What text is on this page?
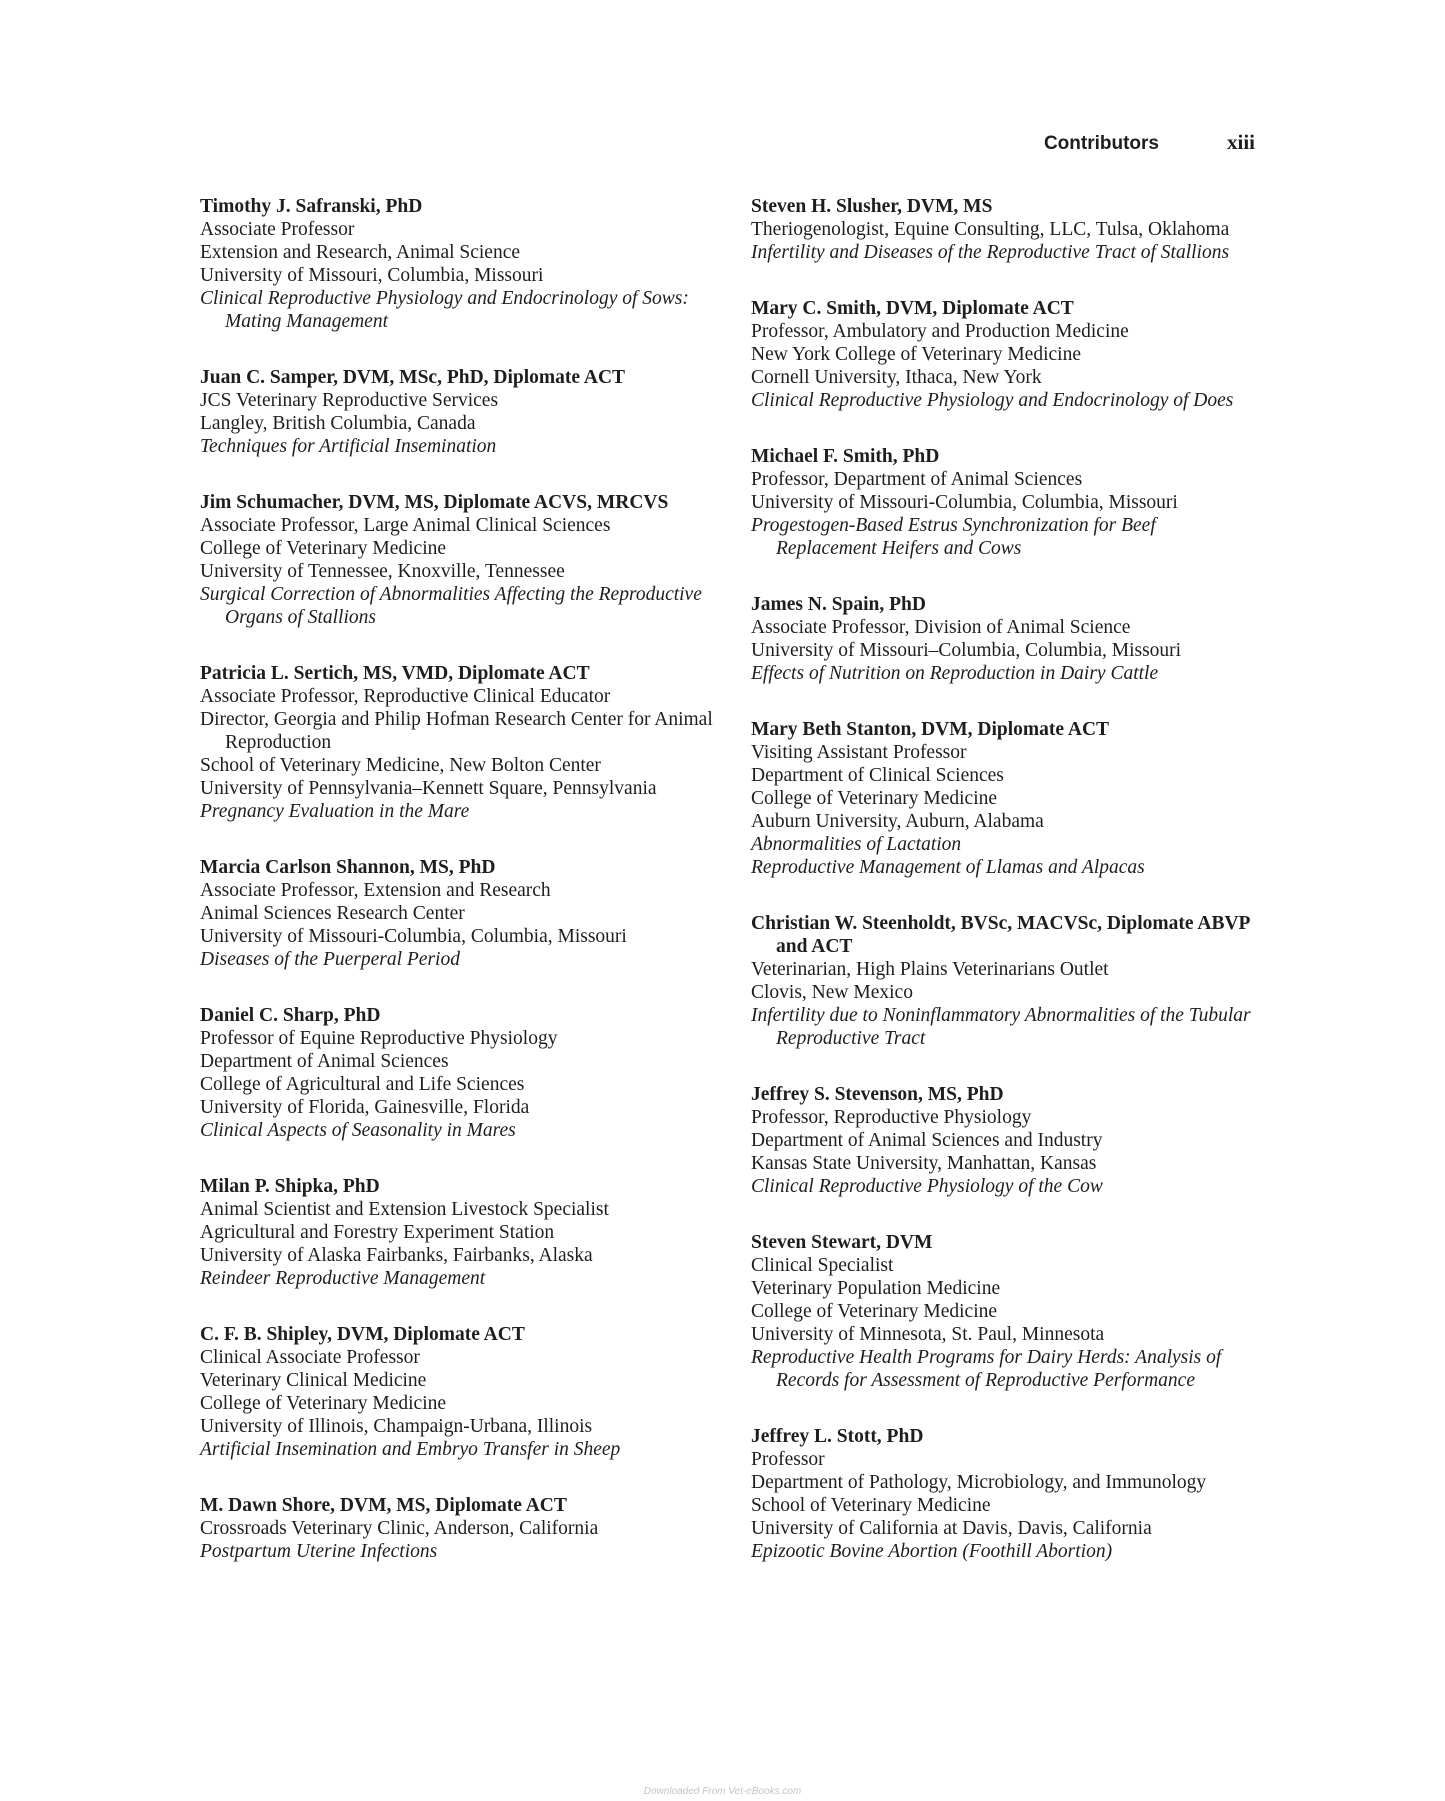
Contributors	xiii

Timothy J. Safranski, PhD

Associate Professor

Extension and Research, Animal Science

University of Missouri, Columbia, Missouri

Clinical Reproductive Physiology and Endocrinology of Sows: Mating Management

Juan C. Samper, DVM, MSc, PhD, Diplomate ACT

JCS Veterinary Reproductive Services

Langley, British Columbia, Canada

Techniques for Artificial Insemination

Jim Schumacher, DVM, MS, Diplomate ACVS, MRCVS

Associate Professor, Large Animal Clinical Sciences

College of Veterinary Medicine

University of Tennessee, Knoxville, Tennessee

Surgical Correction of Abnormalities Affecting the Reproductive Organs of Stallions

Patricia L. Sertich, MS, VMD, Diplomate ACT

Associate Professor, Reproductive Clinical Educator

Director, Georgia and Philip Hofman Research Center for Animal Reproduction

School of Veterinary Medicine, New Bolton Center

University of Pennsylvania–Kennett Square, Pennsylvania

Pregnancy Evaluation in the Mare

Marcia Carlson Shannon, MS, PhD

Associate Professor, Extension and Research

Animal Sciences Research Center

University of Missouri-Columbia, Columbia, Missouri

Diseases of the Puerperal Period

Daniel C. Sharp, PhD

Professor of Equine Reproductive Physiology

Department of Animal Sciences

College of Agricultural and Life Sciences

University of Florida, Gainesville, Florida

Clinical Aspects of Seasonality in Mares

Milan P. Shipka, PhD

Animal Scientist and Extension Livestock Specialist

Agricultural and Forestry Experiment Station

University of Alaska Fairbanks, Fairbanks, Alaska

Reindeer Reproductive Management

C. F. B. Shipley, DVM, Diplomate ACT

Clinical Associate Professor

Veterinary Clinical Medicine

College of Veterinary Medicine

University of Illinois, Champaign-Urbana, Illinois

Artificial Insemination and Embryo Transfer in Sheep

M. Dawn Shore, DVM, MS, Diplomate ACT

Crossroads Veterinary Clinic, Anderson, California

Postpartum Uterine Infections

Steven H. Slusher, DVM, MS

Theriogenologist, Equine Consulting, LLC, Tulsa, Oklahoma

Infertility and Diseases of the Reproductive Tract of Stallions

Mary C. Smith, DVM, Diplomate ACT

Professor, Ambulatory and Production Medicine

New York College of Veterinary Medicine

Cornell University, Ithaca, New York

Clinical Reproductive Physiology and Endocrinology of Does

Michael F. Smith, PhD

Professor, Department of Animal Sciences

University of Missouri-Columbia, Columbia, Missouri

Progestogen-Based Estrus Synchronization for Beef Replacement Heifers and Cows

James N. Spain, PhD

Associate Professor, Division of Animal Science

University of Missouri–Columbia, Columbia, Missouri

Effects of Nutrition on Reproduction in Dairy Cattle

Mary Beth Stanton, DVM, Diplomate ACT

Visiting Assistant Professor

Department of Clinical Sciences

College of Veterinary Medicine

Auburn University, Auburn, Alabama

Abnormalities of Lactation

Reproductive Management of Llamas and Alpacas

Christian W. Steenholdt, BVSc, MACVSc, Diplomate ABVP and ACT

Veterinarian, High Plains Veterinarians Outlet

Clovis, New Mexico

Infertility due to Noninflammatory Abnormalities of the Tubular Reproductive Tract

Jeffrey S. Stevenson, MS, PhD

Professor, Reproductive Physiology

Department of Animal Sciences and Industry

Kansas State University, Manhattan, Kansas

Clinical Reproductive Physiology of the Cow

Steven Stewart, DVM

Clinical Specialist

Veterinary Population Medicine

College of Veterinary Medicine

University of Minnesota, St. Paul, Minnesota

Reproductive Health Programs for Dairy Herds: Analysis of Records for Assessment of Reproductive Performance

Jeffrey L. Stott, PhD

Professor

Department of Pathology, Microbiology, and Immunology

School of Veterinary Medicine

University of California at Davis, Davis, California

Epizootic Bovine Abortion (Foothill Abortion)

Downloaded From Vet-eBooks.com
